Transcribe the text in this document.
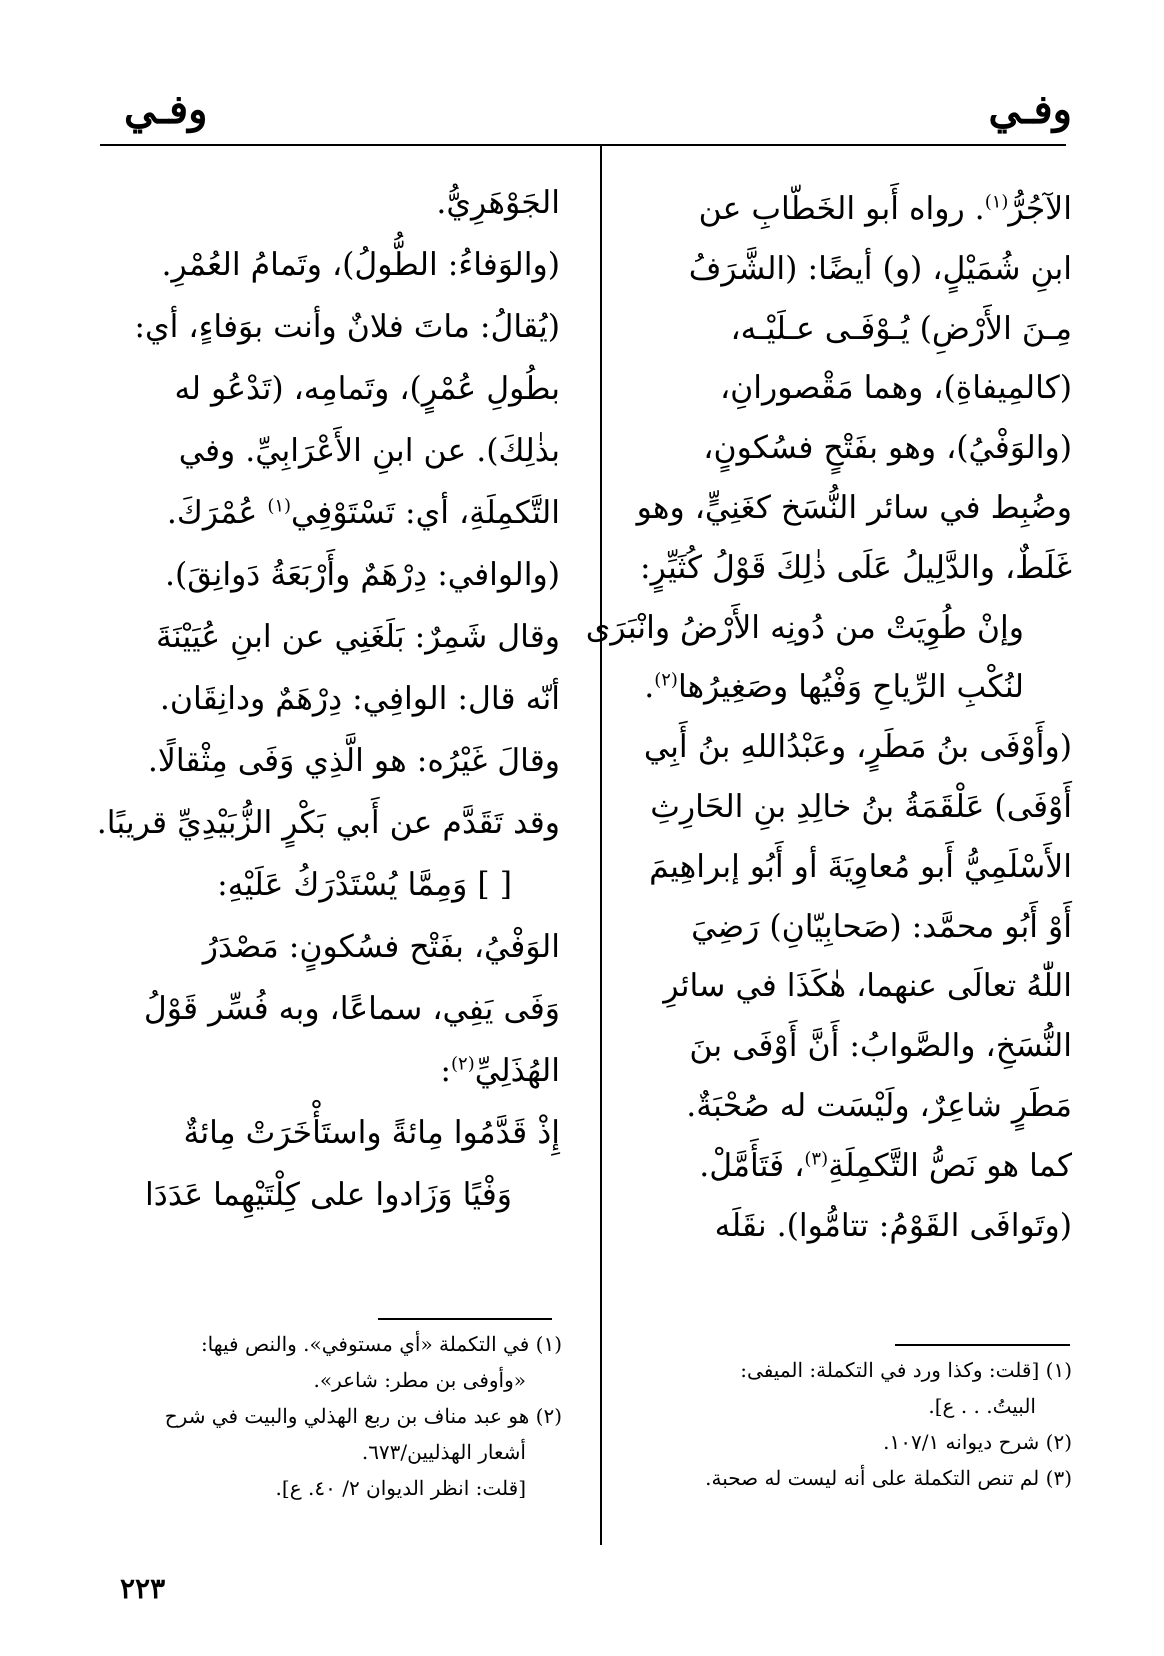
وفـي
وفـي
الآجُرُّ$^{(١)}$. رواه أَبو الخَطّابِ عن
ابنِ شُمَيْلٍ، (و) أيضًا: (الشَّرَفُ
مِـنَ الأَرْضِ) يُـوْفَـى عـلَيْـه،
(كالمِيفاةِ)، وهما مَقْصورانِ،
(والوَفْيُ)، وهو بفَتْحٍ فسُكونٍ،
وضُبِط في سائر النُّسَخ كغَنِيٍّ، وهو
غَلَطٌ، والدَّلِيلُ عَلَى ذٰلِكَ قَوْلُ كُثَيِّرٍ:
وإنْ طُوِيَتْ من دُونِه الأَرْضُ وانْبَرَى
لنُكْبِ الرِّياحِ وَفْيُها وصَغِيرُها$^{(٢)}$.
(وأَوْفَى بنُ مَطَرٍ، وعَبْدُاللهِ بنُ أَبِي
أَوْفَى) عَلْقَمَةُ بنُ خالِدِ بنِ الحَارِثِ
الأَسْلَمِيُّ أَبو مُعاوِيَةَ أو أَبُو إبراهِيمَ
أَوْ أَبُو محمَّد: (صَحابِيّانِ) رَضِيَ
اللّٰهُ تعالَى عنهما، هٰكَذَا في سائرِ
النُّسَخِ، والصَّوابُ: أَنَّ أَوْفَى بنَ
مَطَرٍ شاعِرٌ، ولَيْسَت له صُحْبَةٌ.
كما هو نَصُّ التَّكمِلَةِ$^{(٣)}$، فَتَأَمَّلْ.
(وتَوافَى القَوْمُ: تتامُّوا). نقَلَه
الجَوْهَرِيُّ.
(والوَفاءُ: الطُّولُ)، وتَمامُ العُمْرِ.
(يُقالُ: ماتَ فلانٌ وأنت بوَفاءٍ، أي:
بطُولِ عُمْرٍ)، وتَمامِه، (تَدْعُو له
بذٰلِكَ). عن ابنِ الأَعْرَابِيِّ. وفي
التَّكمِلَةِ، أي: تَسْتَوْفِي$^{(١)}$ عُمْرَكَ.
(والوافي: دِرْهَمٌ وأَرْبَعَةُ دَوانِقَ).
وقال شَمِرٌ: بَلَغَنِي عن ابنِ عُيَيْنَةَ
أنّه قال: الوافِي: دِرْهَمٌ ودانِقَان.
وقالَ غَيْرُه: هو الَّذِي وَفَى مِثْقالًا.
وقد تَقَدَّم عن أَبي بَكْرٍ الزُّبَيْدِيِّ قريبًا.
[ ] وَمِمَّا يُسْتَدْرَكُ عَلَيْهِ:
الوَفْيُ، بفَتْح فسُكونٍ: مَصْدَرُ
وَفَى يَفِي، سماعًا، وبه فُسِّر قَوْلُ
الهُذَلِيِّ$^{(٢)}$:
إِذْ قَدَّمُوا مِائةً واستَأْخَرَتْ مِائةٌ
وَفْيًا وَزَادوا على كِلْتَيْهِما عَدَدَا
(١) [قلت: وكذا ورد في التكملة: الميفى:
البيتُ. . . ع].
(٢) شرح ديوانه ١٠٧/١.
(٣) لم تنص التكملة على أنه ليست له صحبة.
(١) في التكملة «أي مستوفي». والنص فيها:
«وأوفى بن مطر: شاعر».
(٢) هو عبد مناف بن ربع الهذلي والبيت في شرح
أشعار الهذليين/٦٧٣.
[قلت: انظر الديوان ٢/ ٤٠. ع].
٢٢٣
